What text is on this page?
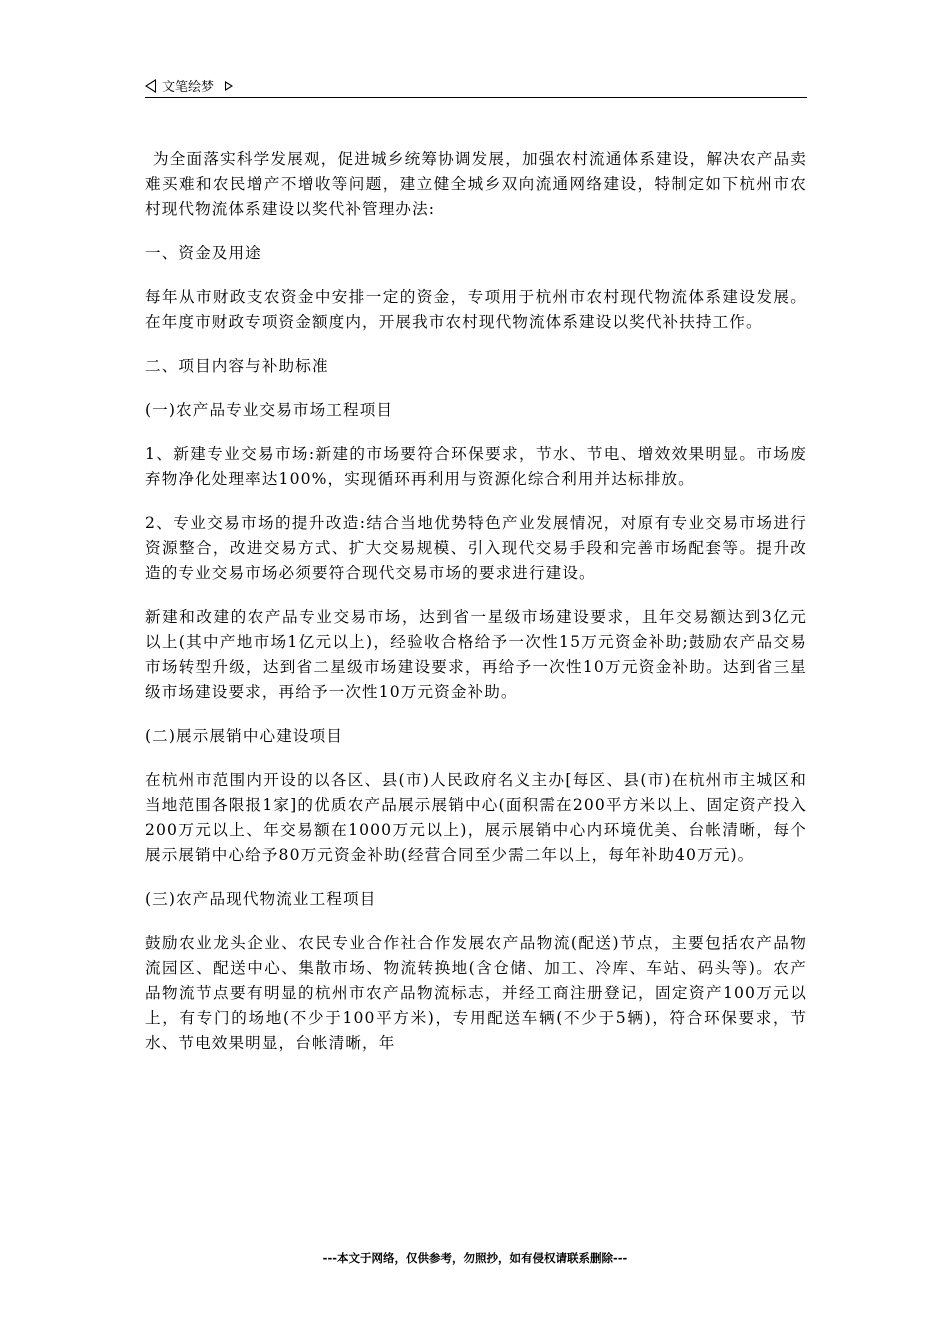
文笔绘梦

为全面落实科学发展观，促进城乡统筹协调发展，加强农村流通体系建设，解决农产品卖难买难和农民增产不增收等问题，建立健全城乡双向流通网络建设，特制定如下杭州市农村现代物流体系建设以奖代补管理办法:

一、资金及用途

每年从市财政支农资金中安排一定的资金，专项用于杭州市农村现代物流体系建设发展。在年度市财政专项资金额度内，开展我市农村现代物流体系建设以奖代补扶持工作。

二、项目内容与补助标准

(一)农产品专业交易市场工程项目

1、新建专业交易市场:新建的市场要符合环保要求，节水、节电、增效效果明显。市场废弃物净化处理率达100%，实现循环再利用与资源化综合利用并达标排放。

2、专业交易市场的提升改造:结合当地优势特色产业发展情况，对原有专业交易市场进行资源整合，改进交易方式、扩大交易规模、引入现代交易手段和完善市场配套等。提升改造的专业交易市场必须要符合现代交易市场的要求进行建设。

新建和改建的农产品专业交易市场，达到省一星级市场建设要求，且年交易额达到3亿元以上(其中产地市场1亿元以上)，经验收合格给予一次性15万元资金补助;鼓励农产品交易市场转型升级，达到省二星级市场建设要求，再给予一次性10万元资金补助。达到省三星级市场建设要求，再给予一次性10万元资金补助。

(二)展示展销中心建设项目

在杭州市范围内开设的以各区、县(市)人民政府名义主办[每区、县(市)在杭州市主城区和当地范围各限报1家]的优质农产品展示展销中心(面积需在200平方米以上、固定资产投入200万元以上、年交易额在1000万元以上)，展示展销中心内环境优美、台帐清晰，每个展示展销中心给予80万元资金补助(经营合同至少需二年以上，每年补助40万元)。

(三)农产品现代物流业工程项目

鼓励农业龙头企业、农民专业合作社合作发展农产品物流(配送)节点，主要包括农产品物流园区、配送中心、集散市场、物流转换地(含仓储、加工、冷库、车站、码头等)。农产品物流节点要有明显的杭州市农产品物流标志，并经工商注册登记，固定资产100万元以上，有专门的场地(不少于100平方米)，专用配送车辆(不少于5辆)，符合环保要求，节水、节电效果明显，台帐清晰，年

---本文于网络，仅供参考，勿照抄，如有侵权请联系删除---
